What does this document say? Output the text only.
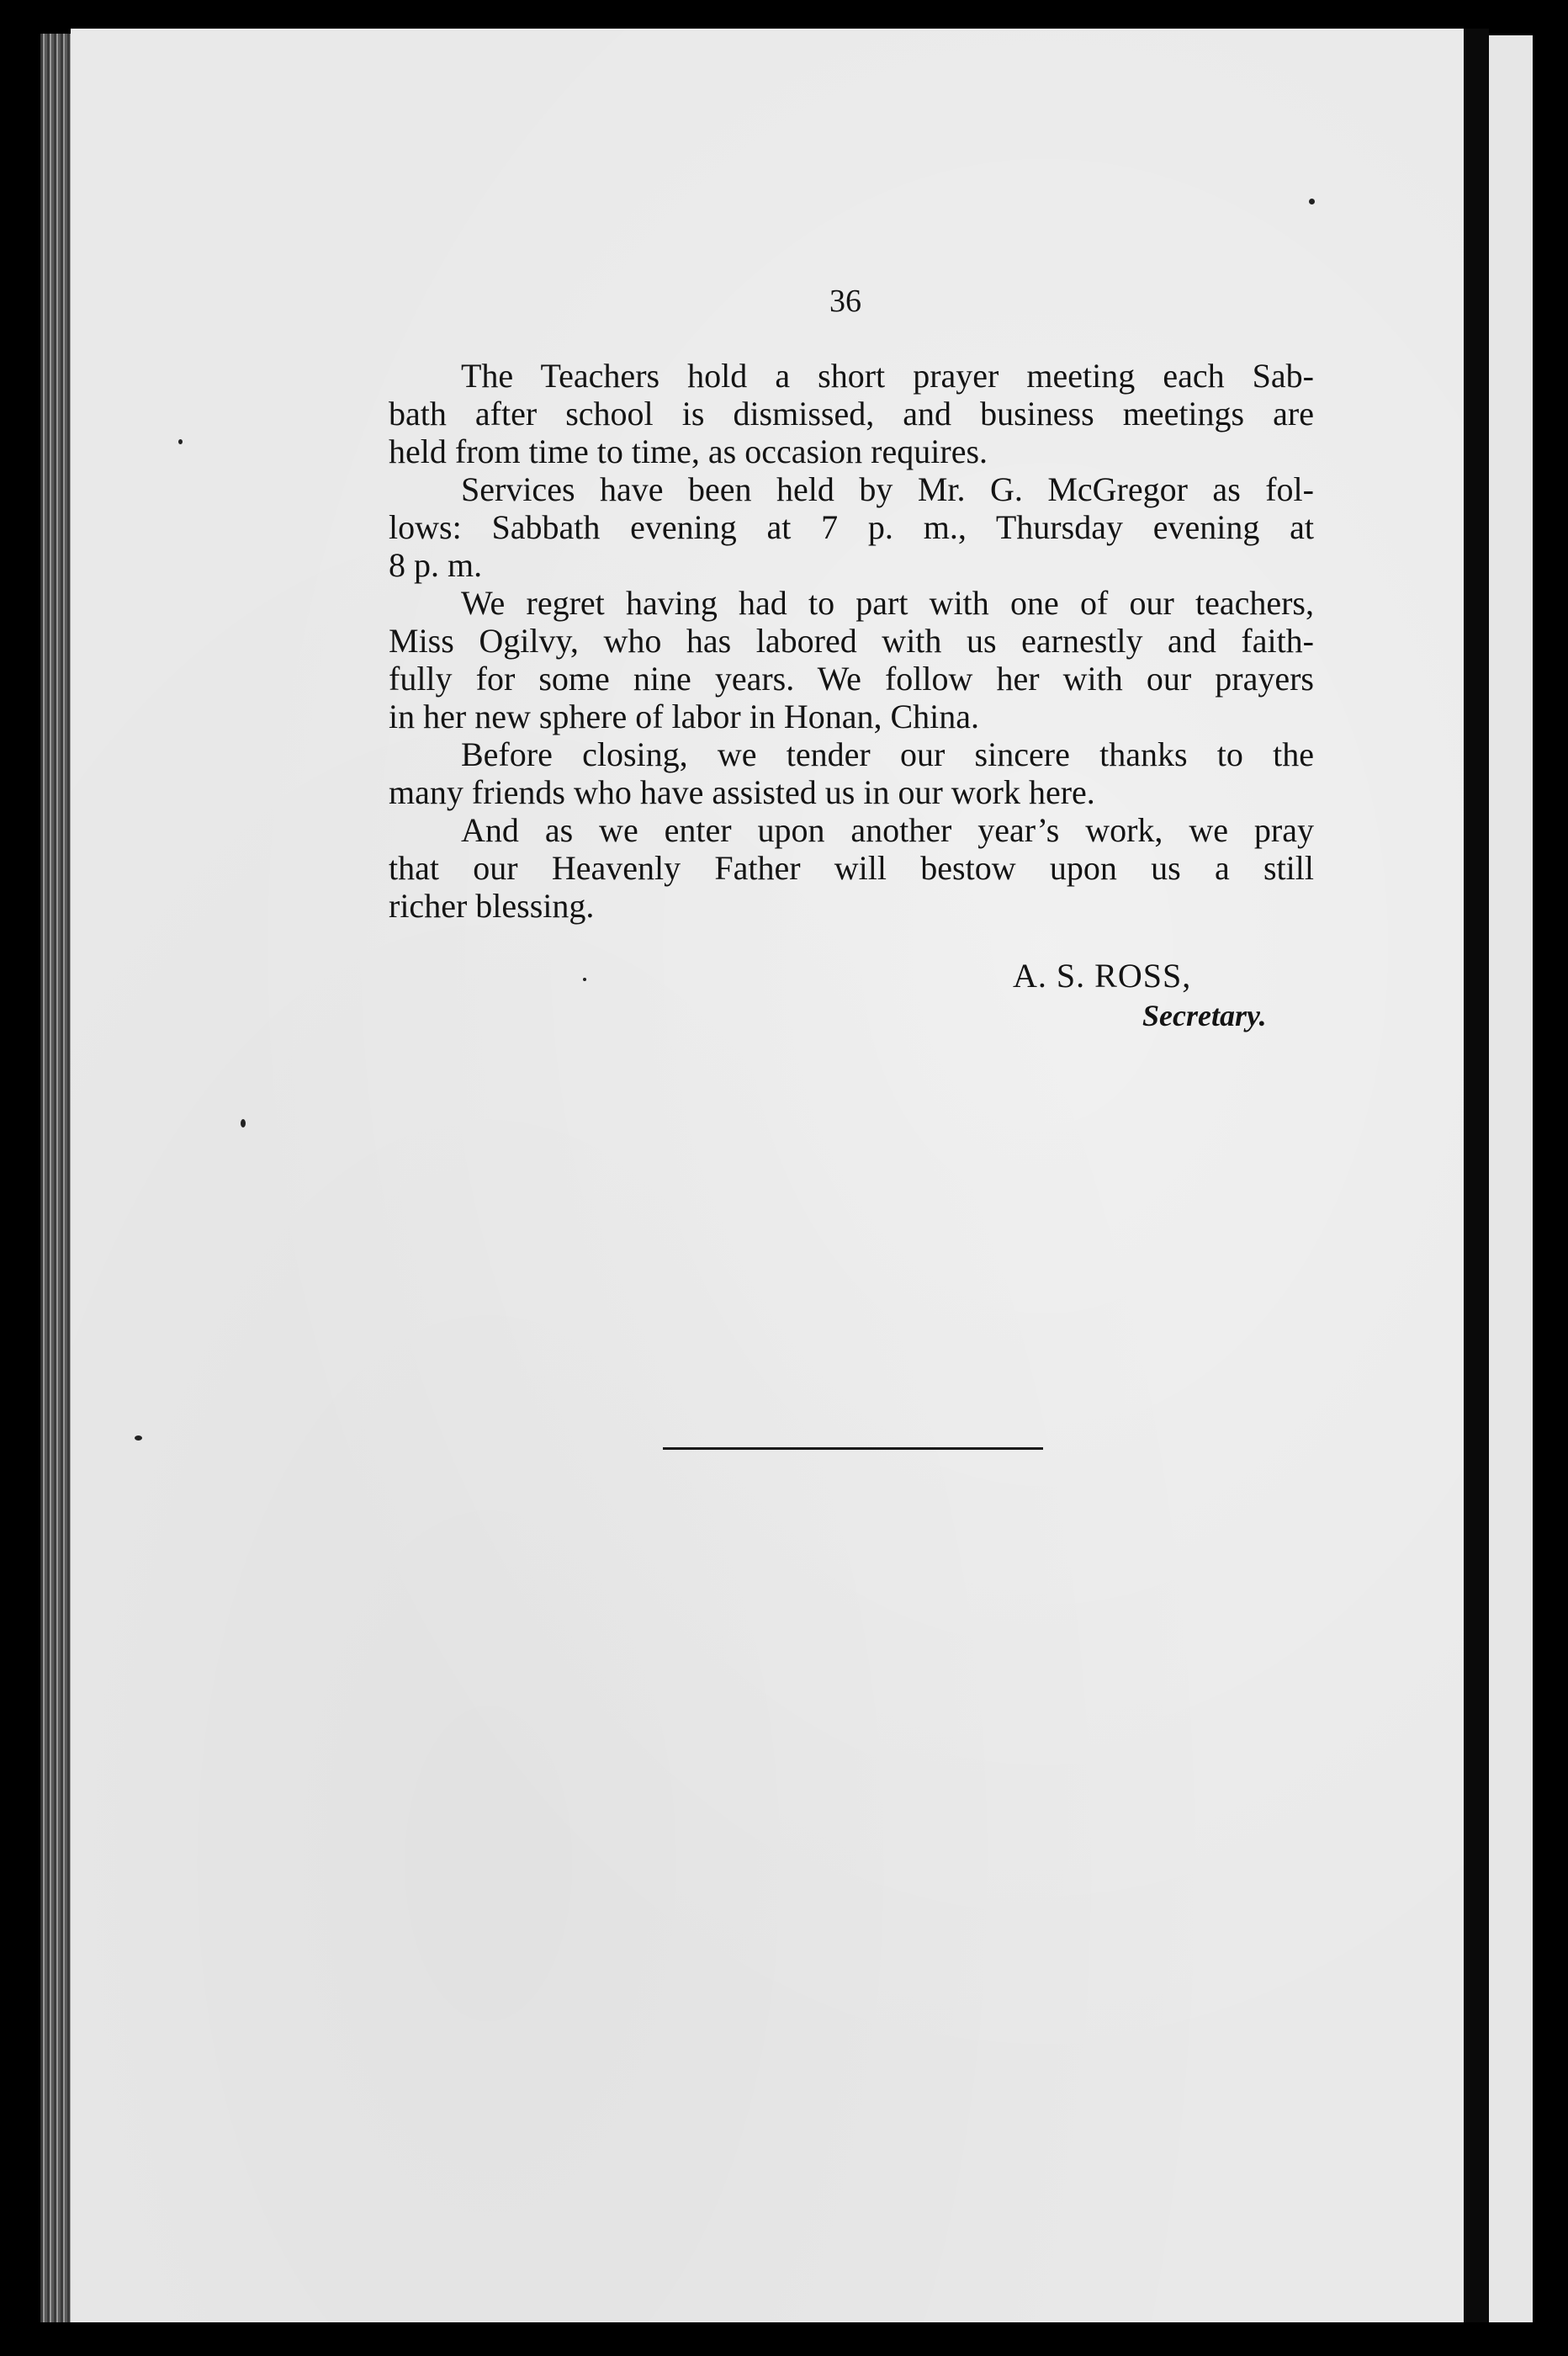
36

The Teachers hold a short prayer meeting each Sab-
bath after school is dismissed, and business meetings are
held from time to time, as occasion requires.

Services have been held by Mr. G. McGregor as fol-
lows: Sabbath evening at 7 p. m., Thursday evening at
8 p. m.

We regret having had to part with one of our teachers,
Miss Ogilvy, who has labored with us earnestly and faith-
fully for some nine years. We follow her with our prayers
in her new sphere of labor in Honan, China.

Before closing, we tender our sincere thanks to the
many friends who have assisted us in our work here.

And as we enter upon another year’s work, we pray
that our Heavenly Father will bestow upon us a still
richer blessing.

A. S. ROSS,
Secretary.
